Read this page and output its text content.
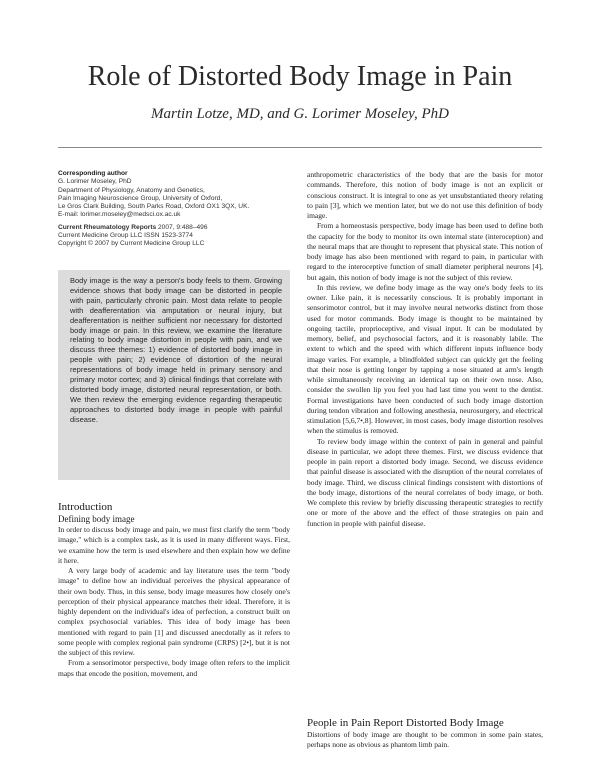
Role of Distorted Body Image in Pain
Martin Lotze, MD, and G. Lorimer Moseley, PhD
Corresponding author
G. Lorimer Moseley, PhD
Department of Physiology, Anatomy and Genetics,
Pain Imaging Neuroscience Group, University of Oxford,
Le Gros Clark Building, South Parks Road, Oxford OX1 3QX, UK.
E-mail: lorimer.moseley@medsci.ox.ac.uk
Current Rheumatology Reports 2007, 9:488–496
Current Medicine Group LLC ISSN 1523-3774
Copyright © 2007 by Current Medicine Group LLC

Body image is the way a person's body feels to them. Growing evidence shows that body image can be distorted in people with pain, particularly chronic pain. Most data relate to people with deafferentation via amputation or neural injury, but deafferentation is neither sufficient nor necessary for distorted body image or pain. In this review, we examine the literature relating to body image distortion in people with pain, and we discuss three themes: 1) evidence of distorted body image in people with pain; 2) evidence of distortion of the neural representations of body image held in primary sensory and primary motor cortex; and 3) clinical findings that correlate with distorted body image, distorted neural representation, or both. We then review the emerging evidence regarding therapeutic approaches to distorted body image in people with painful disease.

Introduction
Defining body image

In order to discuss body image and pain, we must first clarify the term "body image," which is a complex task, as it is used in many different ways. First, we examine how the term is used elsewhere and then explain how we define it here.

A very large body of academic and lay literature uses the term "body image" to define how an individual perceives the physical appearance of their own body. Thus, in this sense, body image measures how closely one's perception of their physical appearance matches their ideal. Therefore, it is highly dependent on the individual's idea of perfection, a construct built on complex psychosocial variables. This idea of body image has been mentioned with regard to pain [1] and discussed anecdotally as it refers to some people with complex regional pain syndrome (CRPS) [2•], but it is not the subject of this review.

From a sensorimotor perspective, body image often refers to the implicit maps that encode the position, movement, and

anthropometric characteristics of the body that are the basis for motor commands. Therefore, this notion of body image is not an explicit or conscious construct. It is integral to one as yet unsubstantiated theory relating to pain [3], which we mention later, but we do not use this definition of body image.

From a homeostasis perspective, body image has been used to define both the capacity for the body to monitor its own internal state (interoception) and the neural maps that are thought to represent that physical state. This notion of body image has also been mentioned with regard to pain, in particular with regard to the interoceptive function of small diameter peripheral neurons [4], but again, this notion of body image is not the subject of this review.

In this review, we define body image as the way one's body feels to its owner. Like pain, it is necessarily conscious. It is probably important in sensorimotor control, but it may involve neural networks distinct from those used for motor commands. Body image is thought to be maintained by ongoing tactile, proprioceptive, and visual input. It can be modulated by memory, belief, and psychosocial factors, and it is reasonably labile. The extent to which and the speed with which different inputs influence body image varies. For example, a blindfolded subject can quickly get the feeling that their nose is getting longer by tapping a nose situated at arm's length while simultaneously receiving an identical tap on their own nose. Also, consider the swollen lip you feel you had last time you went to the dentist. Formal investigations have been conducted of such body image distortion during tendon vibration and following anesthesia, neurosurgery, and electrical stimulation [5,6,7•,8]. However, in most cases, body image distortion resolves when the stimulus is removed.

To review body image within the context of pain in general and painful disease in particular, we adopt three themes. First, we discuss evidence that people in pain report a distorted body image. Second, we discuss evidence that painful disease is associated with the disruption of the neural correlates of body image. Third, we discuss clinical findings consistent with distortions of the body image, distortions of the neural correlates of body image, or both. We complete this review by briefly discussing therapeutic strategies to rectify one or more of the above and the effect of those strategies on pain and function in people with painful disease.

People in Pain Report Distorted Body Image

Distortions of body image are thought to be common in some pain states, perhaps none as obvious as phantom limb pain.
